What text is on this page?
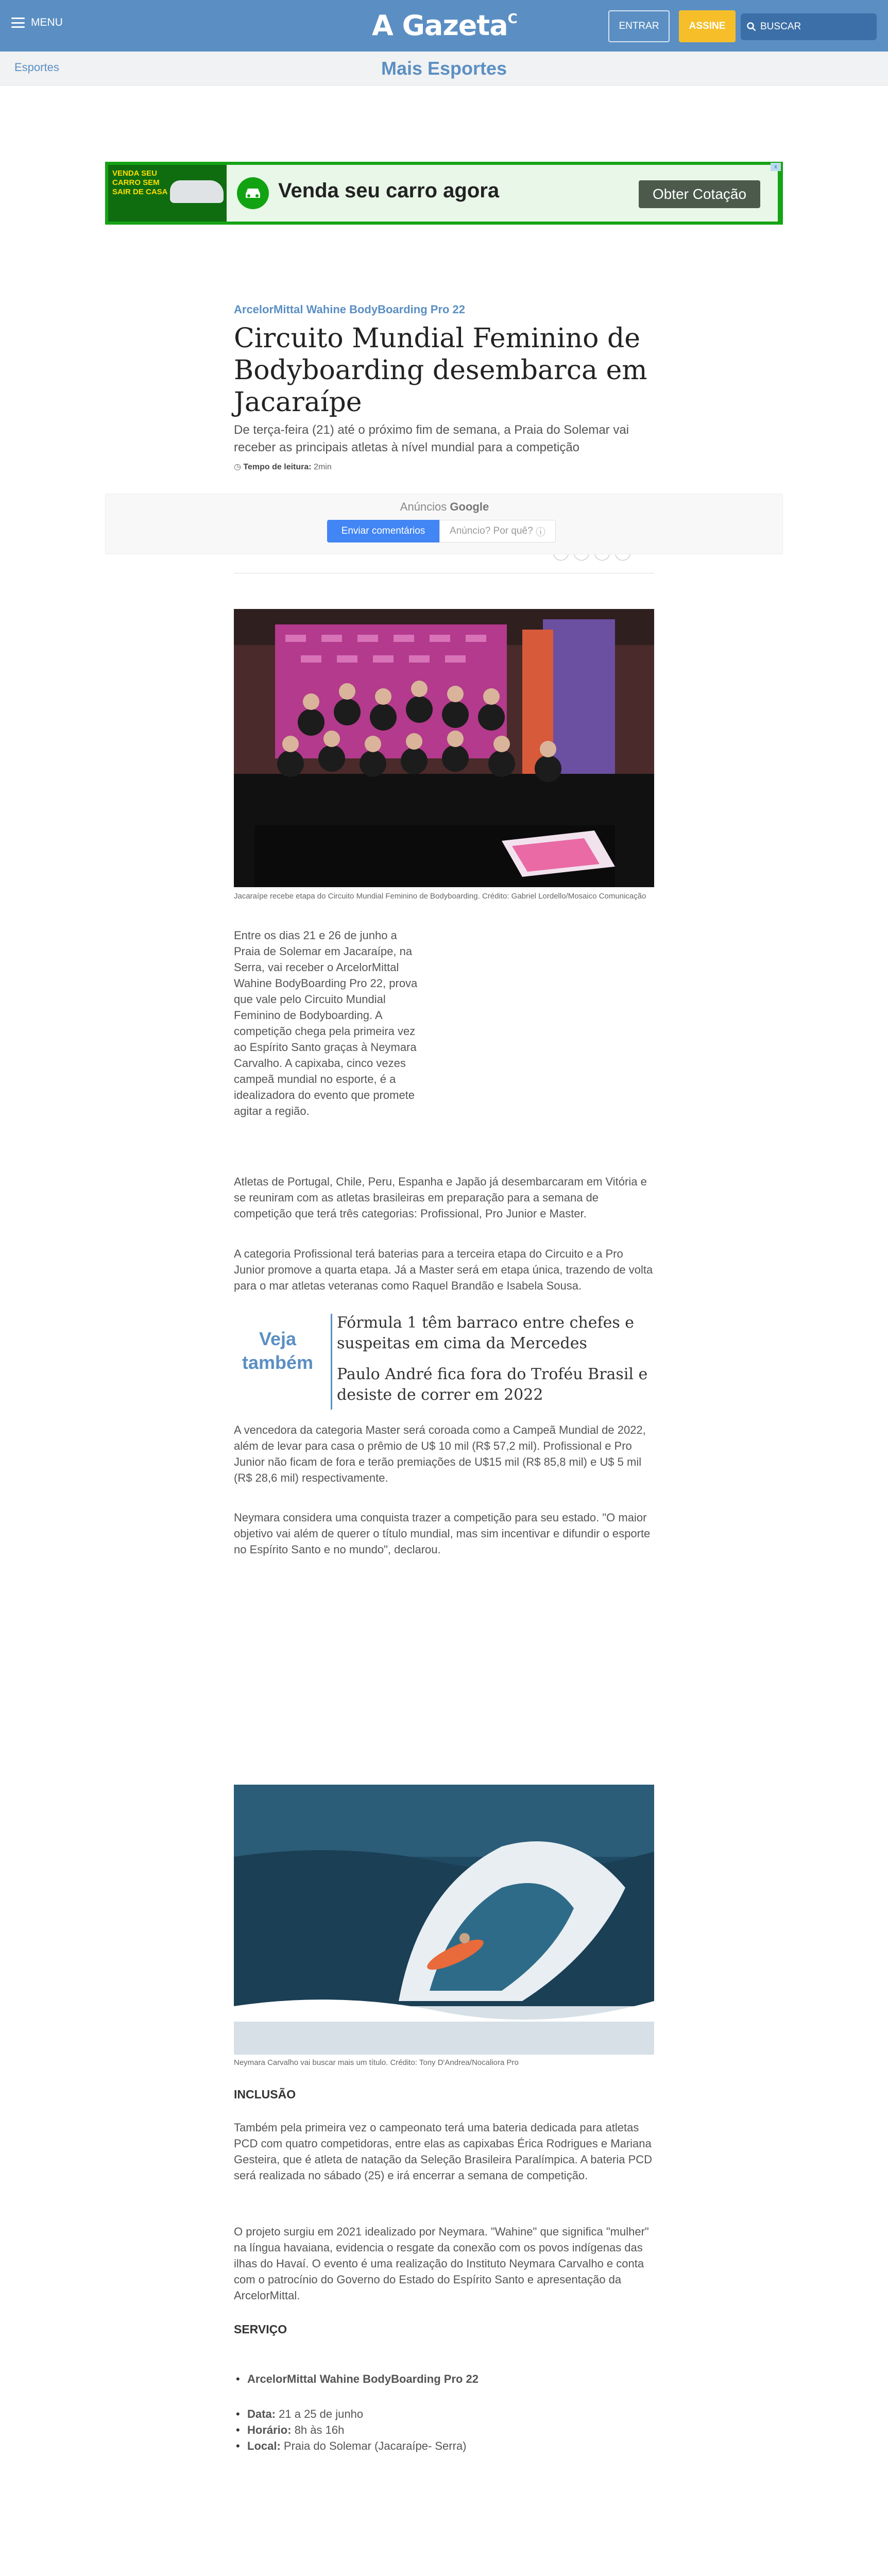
MENU	A Gazeta$^C$	ENTRAR	ASSINE	BUSCAR
Esportes	Mais Esportes
VENDA SEU CARRO SEM SAIR DE CASA	Venda seu carro agora	Obter Cotação
x
ArcelorMittal Wahine BodyBoarding Pro 22
Circuito Mundial Feminino de Bodyboarding desembarca em Jacaraípe
De terça-feira (21) até o próximo fim de semana, a Praia do Solemar vai receber as principais atletas à nível mundial para a competição
◷ Tempo de leitura: 2min
Anúncios Google
Enviar comentários	Anúncio? Por quê?
ⓘ
Jacaraípe recebe etapa do Circuito Mundial Feminino de Bodyboarding. Crédito: Gabriel Lordello/Mosaico Comunicação
Entre os dias 21 e 26 de junho a Praia de Solemar em Jacaraípe, na Serra, vai receber o ArcelorMittal Wahine BodyBoarding Pro 22, prova que vale pelo Circuito Mundial Feminino de Bodyboarding. A competição chega pela primeira vez ao Espírito Santo graças à Neymara Carvalho. A capixaba, cinco vezes campeã mundial no esporte, é a idealizadora do evento que promete agitar a região.
Atletas de Portugal, Chile, Peru, Espanha e Japão já desembarcaram em Vitória e se reuniram com as atletas brasileiras em preparação para a semana de competição que terá três categorias: Profissional, Pro Junior e Master.
A categoria Profissional terá baterias para a terceira etapa do Circuito e a Pro Junior promove a quarta etapa. Já a Master será em etapa única, trazendo de volta para o mar atletas veteranas como Raquel Brandão e Isabela Sousa.
Veja também
Fórmula 1 têm barraco entre chefes e suspeitas em cima da Mercedes
Paulo André fica fora do Troféu Brasil e desiste de correr em 2022
A vencedora da categoria Master será coroada como a Campeã Mundial de 2022, além de levar para casa o prêmio de U$ 10 mil (R$ 57,2 mil). Profissional e Pro Junior não ficam de fora e terão premiações de U$15 mil (R$ 85,8 mil) e U$ 5 mil (R$ 28,6 mil) respectivamente.
Neymara considera uma conquista trazer a competição para seu estado. "O maior objetivo vai além de querer o título mundial, mas sim incentivar e difundir o esporte no Espírito Santo e no mundo", declarou.
Neymara Carvalho vai buscar mais um título. Crédito: Tony D'Andrea/Nocaliora Pro
INCLUSÃO
Também pela primeira vez o campeonato terá uma bateria dedicada para atletas PCD com quatro competidoras, entre elas as capixabas Érica Rodrigues e Mariana Gesteira, que é atleta de natação da Seleção Brasileira Paralímpica. A bateria PCD será realizada no sábado (25) e irá encerrar a semana de competição.
O projeto surgiu em 2021 idealizado por Neymara. "Wahine" que significa "mulher" na língua havaiana, evidencia o resgate da conexão com os povos indígenas das ilhas do Havaí. O evento é uma realização do Instituto Neymara Carvalho e conta com o patrocínio do Governo do Estado do Espírito Santo e apresentação da ArcelorMittal.
SERVIÇO
• ArcelorMittal Wahine BodyBoarding Pro 22
• Data: 21 a 25 de junho
• Horário: 8h às 16h
• Local: Praia do Solemar (Jacaraípe- Serra)
